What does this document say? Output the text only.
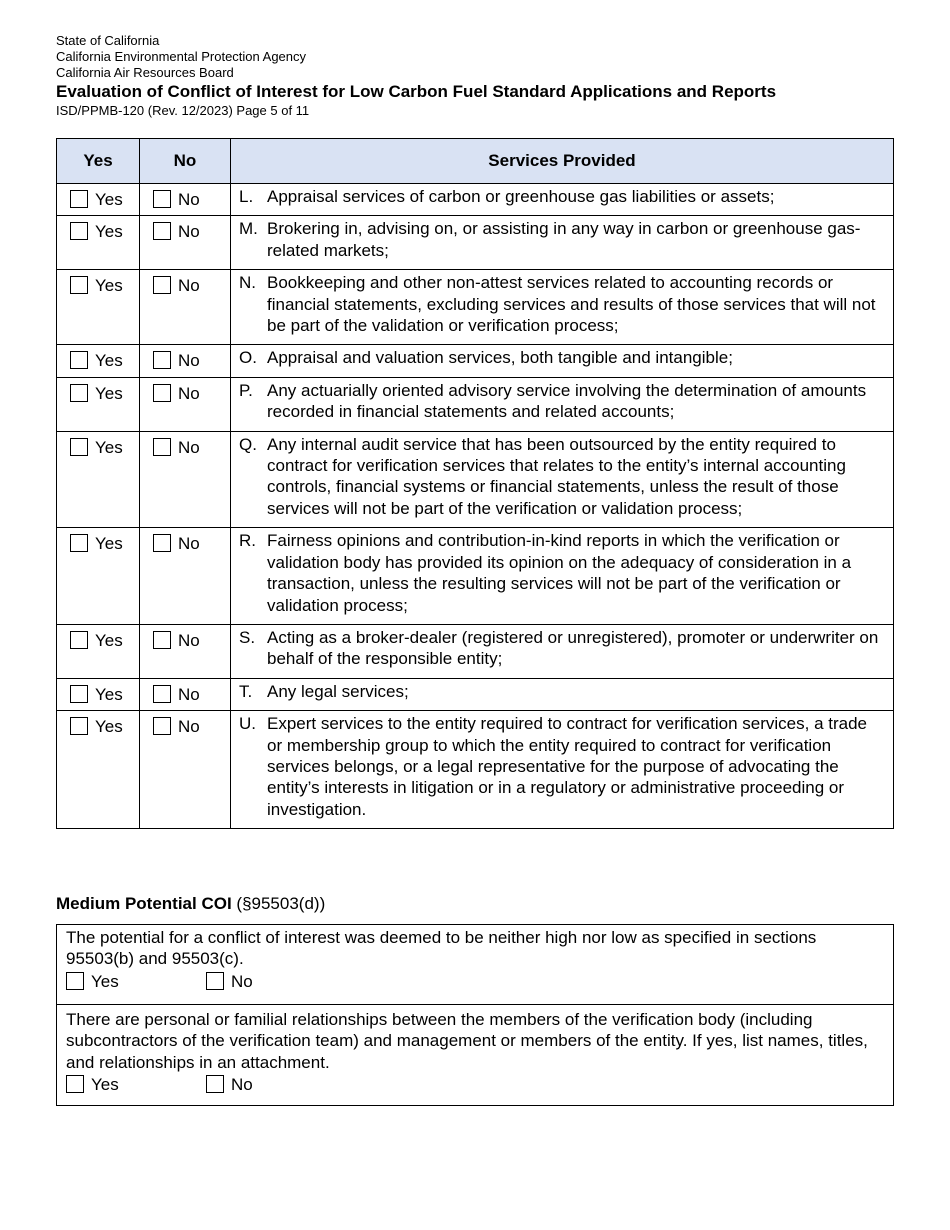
State of California
California Environmental Protection Agency
California Air Resources Board
Evaluation of Conflict of Interest for Low Carbon Fuel Standard Applications and Reports
ISD/PPMB-120 (Rev. 12/2023) Page 5 of 11
Yes	No	Services Provided
Yes	No	L. Appraisal services of carbon or greenhouse gas liabilities or assets;

Yes	No	M. Brokering in, advising on, or assisting in any way in carbon or greenhouse gas-related markets;

Yes	No	N. Bookkeeping and other non-attest services related to accounting records or financial statements, excluding services and results of those services that will not be part of the validation or verification process;

Yes	No	O. Appraisal and valuation services, both tangible and intangible;

Yes	No	P. Any actuarially oriented advisory service involving the determination of amounts recorded in financial statements and related accounts;

Yes	No	Q. Any internal audit service that has been outsourced by the entity required to contract for verification services that relates to the entity’s internal accounting controls, financial systems or financial statements, unless the result of those services will not be part of the verification or validation process;

Yes	No	R. Fairness opinions and contribution-in-kind reports in which the verification or validation body has provided its opinion on the adequacy of consideration in a transaction, unless the resulting services will not be part of the verification or validation process;

Yes	No	S. Acting as a broker-dealer (registered or unregistered), promoter or underwriter on behalf of the responsible entity;

Yes	No	T. Any legal services;

Yes	No	U. Expert services to the entity required to contract for verification services, a trade or membership group to which the entity required to contract for verification services belongs, or a legal representative for the purpose of advocating the entity’s interests in litigation or in a regulatory or administrative proceeding or investigation.
Medium Potential COI (§95503(d))
The potential for a conflict of interest was deemed to be neither high nor low as specified in sections 95503(b) and 95503(c).
Yes	No
There are personal or familial relationships between the members of the verification body (including subcontractors of the verification team) and management or members of the entity. If yes, list names, titles, and relationships in an attachment.
Yes	No
